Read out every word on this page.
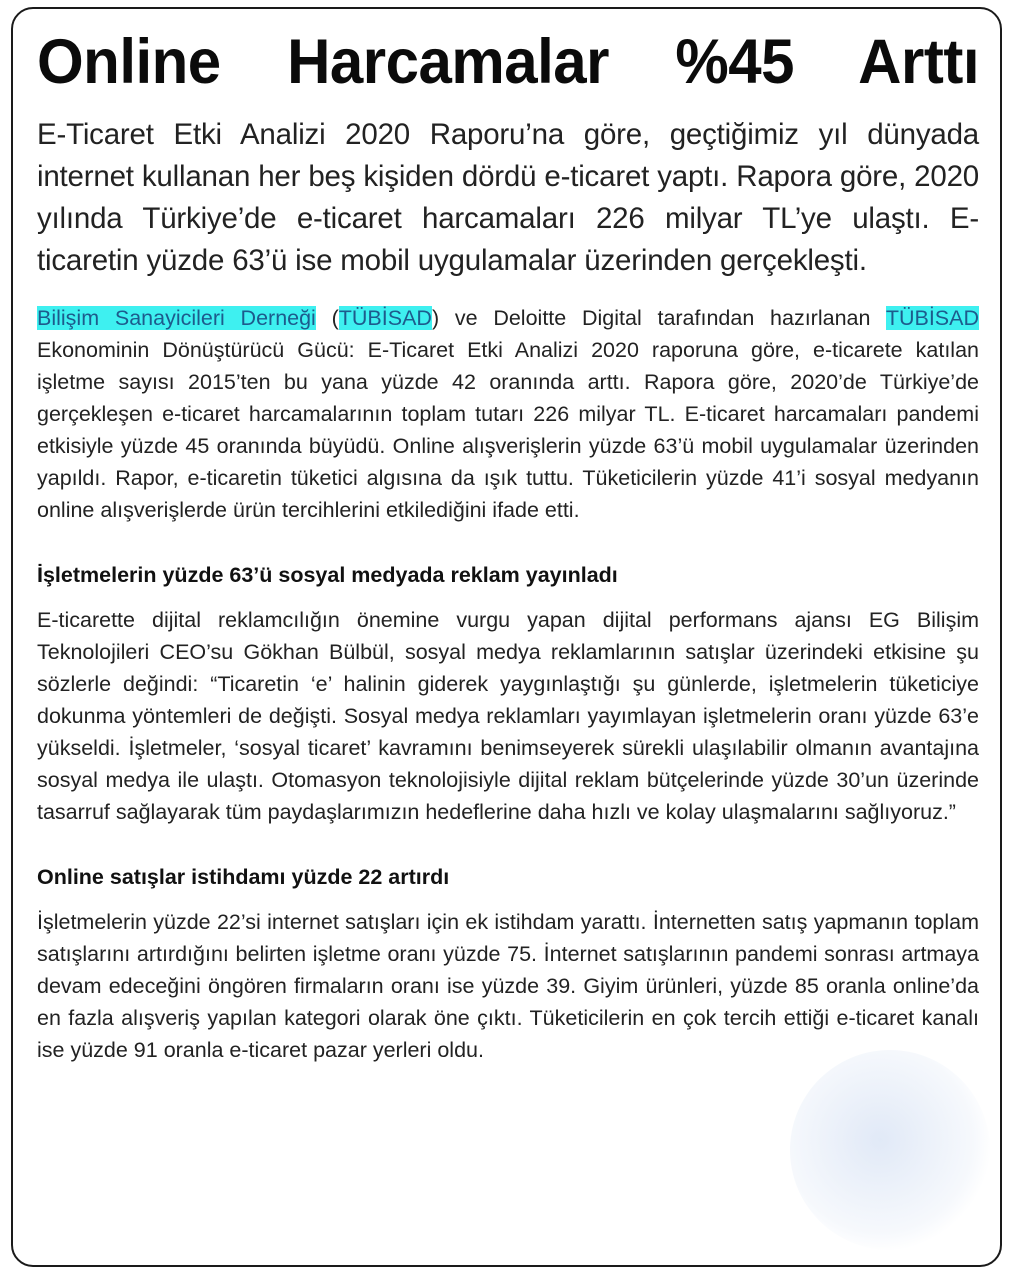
Online Harcamalar %45 Arttı

E-Ticaret Etki Analizi 2020 Raporu’na göre, geçtiğimiz yıl dünyada internet kullanan her beş kişiden dördü e-ticaret yaptı. Rapora göre, 2020 yılında Türkiye’de e-ticaret harcamaları 226 milyar TL’ye ulaştı. E-ticaretin yüzde 63’ü ise mobil uygulamalar üzerinden gerçekleşti.

Bilişim Sanayicileri Derneği (TÜBİSAD) ve Deloitte Digital tarafından hazırlanan TÜBİSAD Ekonominin Dönüştürücü Gücü: E-Ticaret Etki Analizi 2020 raporuna göre, e-ticarete katılan işletme sayısı 2015’ten bu yana yüzde 42 oranında arttı. Rapora göre, 2020’de Türkiye’de gerçekleşen e-ticaret harcamalarının toplam tutarı 226 milyar TL. E-ticaret harcamaları pandemi etkisiyle yüzde 45 oranında büyüdü. Online alışverişlerin yüzde 63’ü mobil uygulamalar üzerinden yapıldı. Rapor, e-ticaretin tüketici algısına da ışık tuttu. Tüketicilerin yüzde 41’i sosyal medyanın online alışverişlerde ürün tercihlerini etkilediğini ifade etti.

İşletmelerin yüzde 63’ü sosyal medyada reklam yayınladı

E-ticarette dijital reklamcılığın önemine vurgu yapan dijital performans ajansı EG Bilişim Teknolojileri CEO’su Gökhan Bülbül, sosyal medya reklamlarının satışlar üzerindeki etkisine şu sözlerle değindi: “Ticaretin ‘e’ halinin giderek yaygınlaştığı şu günlerde, işletmelerin tüketiciye dokunma yöntemleri de değişti. Sosyal medya reklamları yayımlayan işletmelerin oranı yüzde 63’e yükseldi. İşletmeler, ‘sosyal ticaret’ kavramını benimseyerek sürekli ulaşılabilir olmanın avantajına sosyal medya ile ulaştı. Otomasyon teknolojisiyle dijital reklam bütçelerinde yüzde 30’un üzerinde tasarruf sağlayarak tüm paydaşlarımızın hedeflerine daha hızlı ve kolay ulaşmalarını sağlıyoruz.”

Online satışlar istihdamı yüzde 22 artırdı

İşletmelerin yüzde 22’si internet satışları için ek istihdam yarattı. İnternetten satış yapmanın toplam satışlarını artırdığını belirten işletme oranı yüzde 75. İnternet satışlarının pandemi sonrası artmaya devam edeceğini öngören firmaların oranı ise yüzde 39. Giyim ürünleri, yüzde 85 oranla online’da en fazla alışveriş yapılan kategori olarak öne çıktı. Tüketicilerin en çok tercih ettiği e-ticaret kanalı ise yüzde 91 oranla e-ticaret pazar yerleri oldu.
